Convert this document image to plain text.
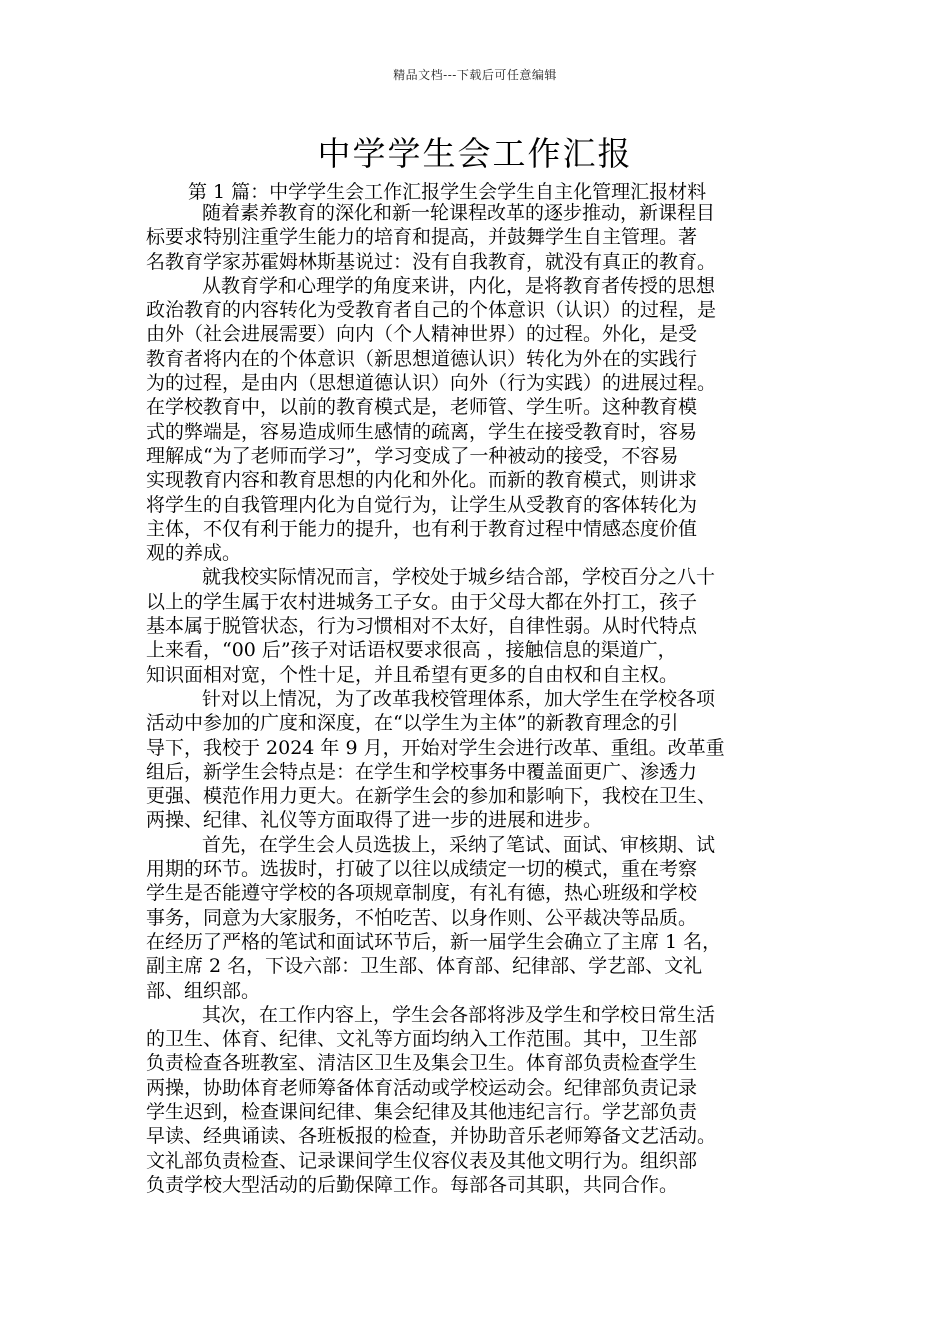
精品文档---下载后可任意编辑
中学学生会工作汇报
第 1 篇：中学学生会工作汇报学生会学生自主化管理汇报材料
随着素养教育的深化和新一轮课程改革的逐步推动，新课程目
标要求特别注重学生能力的培育和提高，并鼓舞学生自主管理。著
名教育学家苏霍姆林斯基说过：没有自我教育，就没有真正的教育。
从教育学和心理学的角度来讲，内化，是将教育者传授的思想
政治教育的内容转化为受教育者自己的个体意识（认识）的过程，是
由外（社会进展需要）向内（个人精神世界）的过程。外化，是受
教育者将内在的个体意识（新思想道德认识）转化为外在的实践行
为的过程，是由内（思想道德认识）向外（行为实践）的进展过程。
在学校教育中，以前的教育模式是，老师管、学生听。这种教育模
式的弊端是，容易造成师生感情的疏离，学生在接受教育时，容易
理解成“为了老师而学习”，学习变成了一种被动的接受，不容易
实现教育内容和教育思想的内化和外化。而新的教育模式，则讲求
将学生的自我管理内化为自觉行为，让学生从受教育的客体转化为
主体，不仅有利于能力的提升，也有利于教育过程中情感态度价值
观的养成。
就我校实际情况而言，学校处于城乡结合部，学校百分之八十
以上的学生属于农村进城务工子女。由于父母大都在外打工，孩子
基本属于脱管状态，行为习惯相对不太好，自律性弱。从时代特点
上来看，“00 后”孩子对话语权要求很高 ，接触信息的渠道广，
知识面相对宽，个性十足，并且希望有更多的自由权和自主权。
针对以上情况，为了改革我校管理体系，加大学生在学校各项
活动中参加的广度和深度，在“以学生为主体”的新教育理念的引
导下，我校于 2024 年 9 月，开始对学生会进行改革、重组。改革重
组后，新学生会特点是：在学生和学校事务中覆盖面更广、渗透力
更强、模范作用力更大。在新学生会的参加和影响下，我校在卫生、
两操、纪律、礼仪等方面取得了进一步的进展和进步。
首先，在学生会人员选拔上，采纳了笔试、面试、审核期、试
用期的环节。选拔时，打破了以往以成绩定一切的模式，重在考察
学生是否能遵守学校的各项规章制度，有礼有德，热心班级和学校
事务，同意为大家服务，不怕吃苦、以身作则、公平裁决等品质。
在经历了严格的笔试和面试环节后，新一届学生会确立了主席 1 名，
副主席 2 名，下设六部：卫生部、体育部、纪律部、学艺部、文礼
部、组织部。
其次，在工作内容上，学生会各部将涉及学生和学校日常生活
的卫生、体育、纪律、文礼等方面均纳入工作范围。其中，卫生部
负责检查各班教室、清洁区卫生及集会卫生。体育部负责检查学生
两操，协助体育老师筹备体育活动或学校运动会。纪律部负责记录
学生迟到，检查课间纪律、集会纪律及其他违纪言行。学艺部负责
早读、经典诵读、各班板报的检查，并协助音乐老师筹备文艺活动。
文礼部负责检查、记录课间学生仪容仪表及其他文明行为。组织部
负责学校大型活动的后勤保障工作。每部各司其职，共同合作。
